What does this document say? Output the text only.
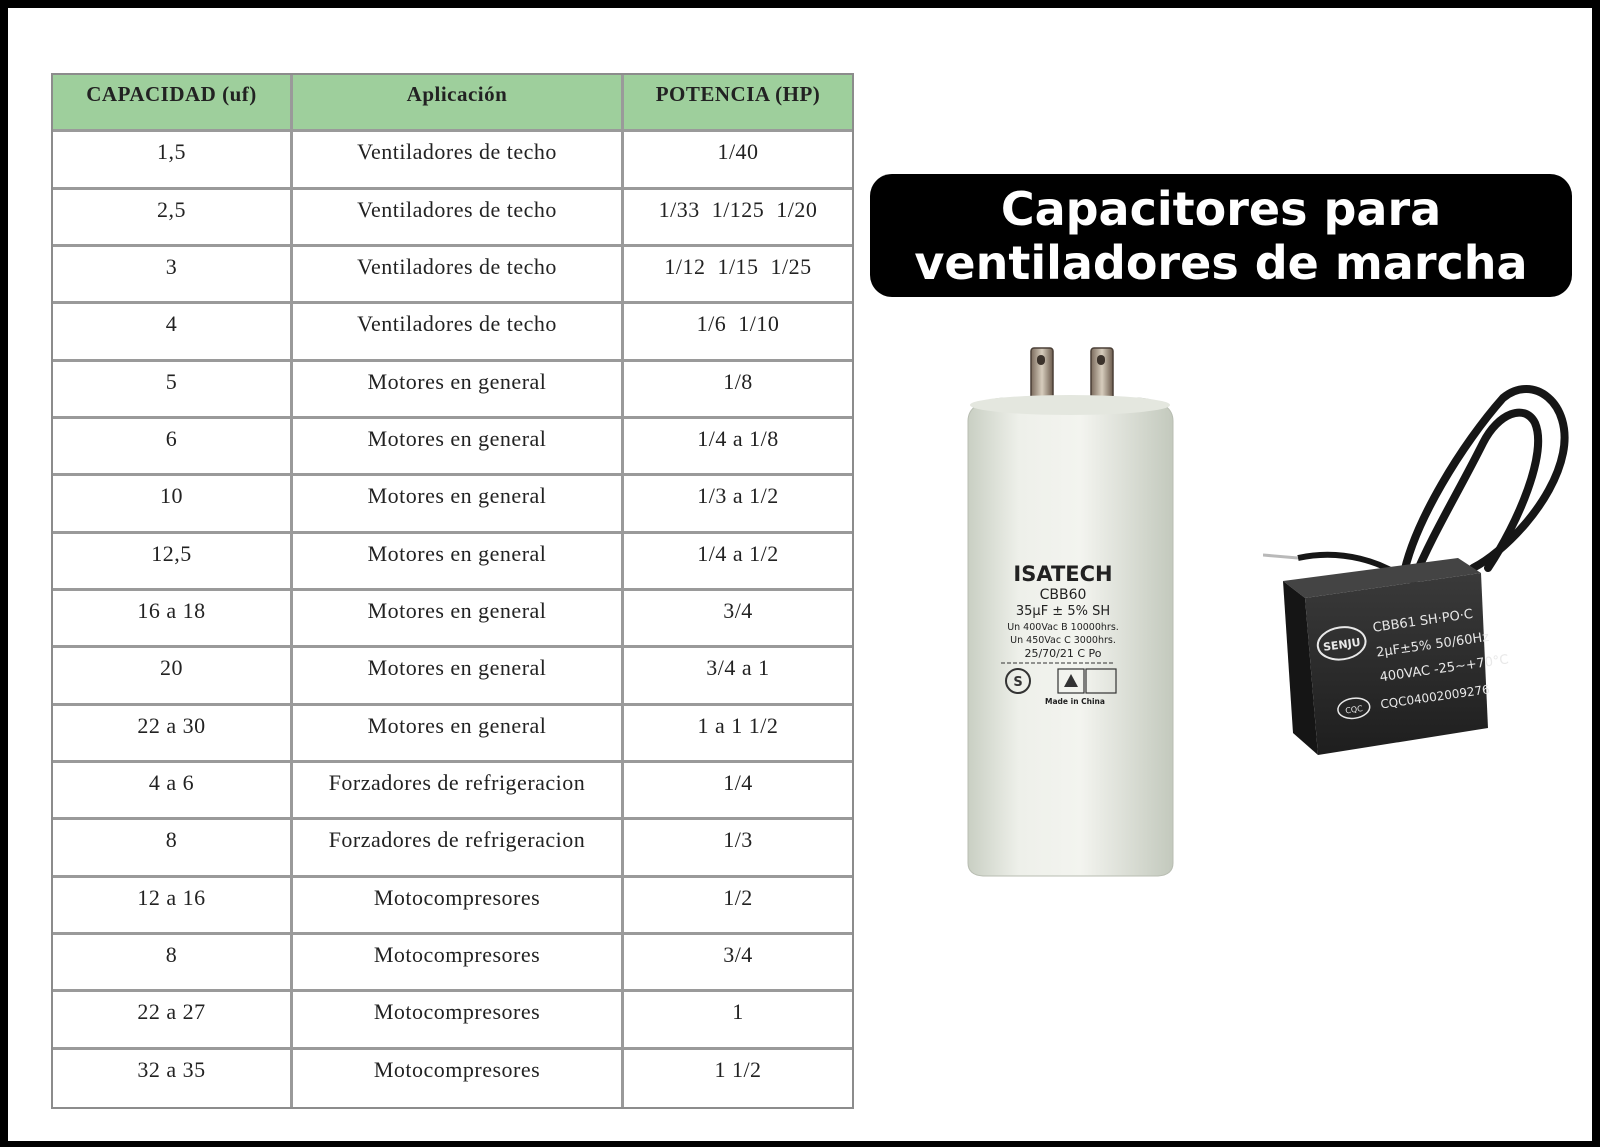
CAPACIDAD (uf)	Aplicación	POTENCIA (HP)
1,5	Ventiladores de techo	1/40
2,5	Ventiladores de techo	1/33  1/125  1/20
3	Ventiladores de techo	1/12  1/15  1/25
4	Ventiladores de techo	1/6  1/10
5	Motores en general	1/8
6	Motores en general	1/4 a 1/8
10	Motores en general	1/3 a 1/2
12,5	Motores en general	1/4 a 1/2
16 a 18	Motores en general	3/4
20	Motores en general	3/4 a 1
22 a 30	Motores en general	1 a 1 1/2
4 a 6	Forzadores de refrigeracion	1/4
8	Forzadores de refrigeracion	1/3
12 a 16	Motocompresores	1/2
8	Motocompresores	3/4
22 a 27	Motocompresores	1
32 a 35	Motocompresores	1 1/2
Capacitores para
ventiladores de marcha
ISATECH
CBB60
35µF ± 5% SH
Un 400Vac B 10000hrs.
Un 450Vac C 3000hrs.
25/70/21 C Po
Made in China
S
SENJU
CBB61 SH·PO·C
2µF±5% 50/60Hz
400VAC -25~+70°C
CQC CQC04002009276
